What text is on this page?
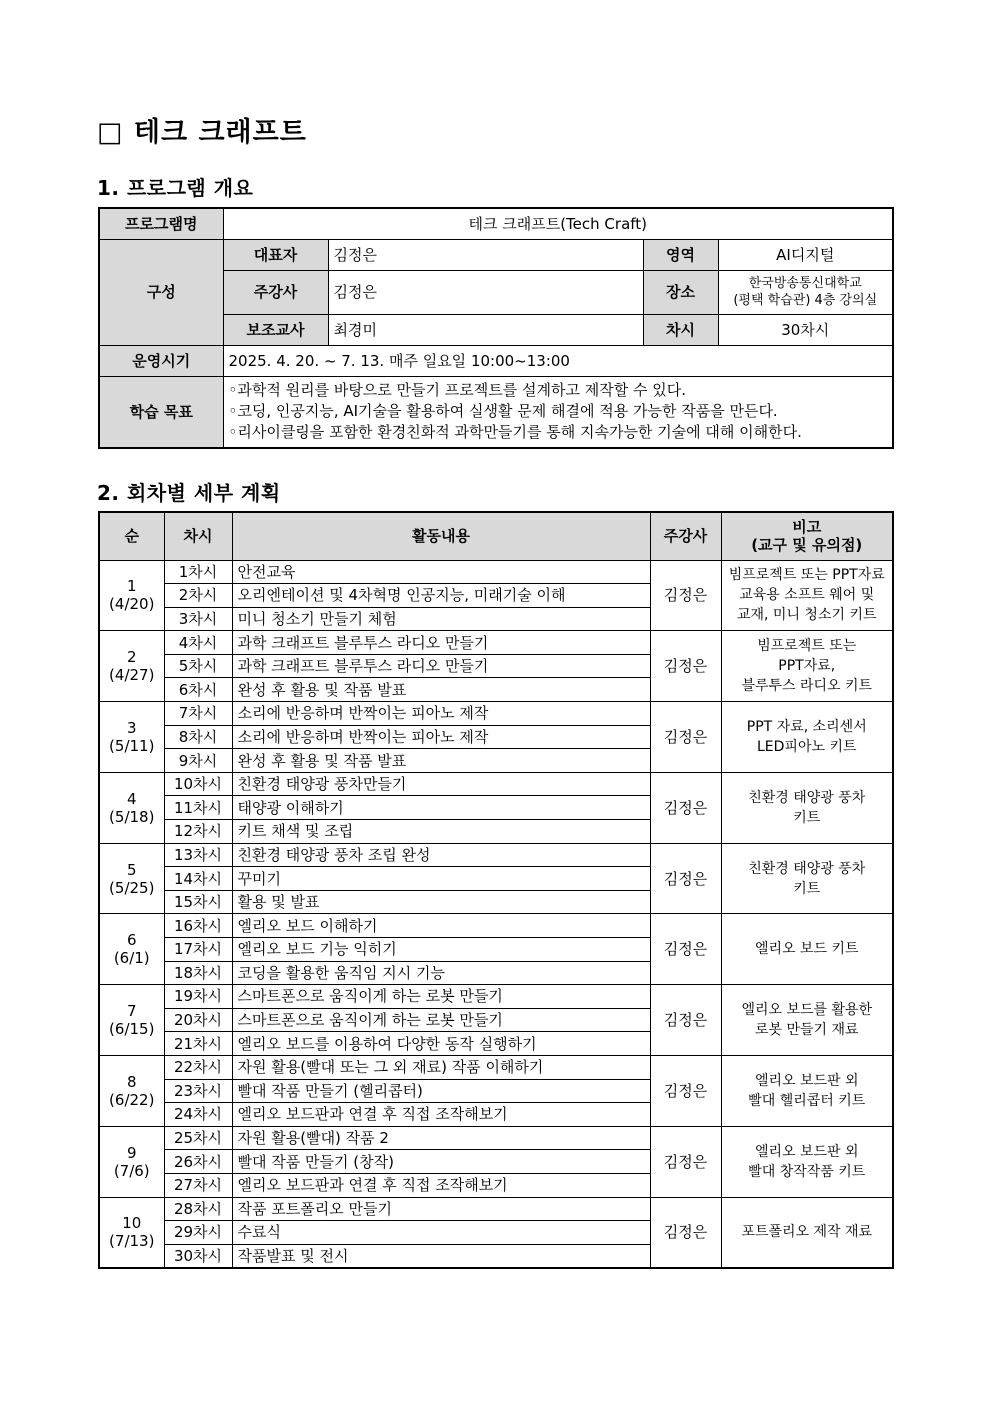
□ 테크 크래프트
1. 프로그램 개요
프로그램명	테크 크래프트(Tech Craft)			
구성	대표자	김정은	영역	AI디지털
	주강사	김정은	장소	한국방송통신대학교
(평택 학습관) 4층 강의실

	보조교사	최경미	차시	30차시
운영시기	2025. 4. 20. ~ 7. 13. 매주 일요일 10:00~13:00			
학습 목표	◦과학적 원리를 바탕으로 만들기 프로젝트를 설계하고 제작할 수 있다.
◦코딩, 인공지능, AI기술을 활용하여 실생활 문제 해결에 적용 가능한 작품을 만든다.
◦리사이클링을 포함한 환경친화적 과학만들기를 통해 지속가능한 기술에 대해 이해한다.			
2. 회차별 세부 계획
순	차시	활동내용	주강사	비고
(교구 및 유의점)

1
(4/20)	1차시	안전교육	김정은	빔프로젝트 또는 PPT자료
교육용 소프트 웨어 및
교재, 미니 청소기 키트

	2차시	오리엔테이션 및 4차혁명 인공지능, 미래기술 이해		
	3차시	미니 청소기 만들기 체험		

2
(4/27)	4차시	과학 크래프트 블루투스 라디오 만들기	김정은	빔프로젝트 또는
PPT자료,
블루투스 라디오 키트

	5차시	과학 크래프트 블루투스 라디오 만들기		
	6차시	완성 후 활용 및 작품 발표		

3
(5/11)	7차시	소리에 반응하며 반짝이는 피아노 제작	김정은	PPT 자료, 소리센서
LED피아노 키트

	8차시	소리에 반응하며 반짝이는 피아노 제작		
	9차시	완성 후 활용 및 작품 발표		

4
(5/18)	10차시	친환경 태양광 풍차만들기	김정은	친환경 태양광 풍차
키트

	11차시	태양광 이해하기		
	12차시	키트 채색 및 조립		

5
(5/25)	13차시	친환경 태양광 풍차 조립 완성	김정은	친환경 태양광 풍차
키트

	14차시	꾸미기		
	15차시	활용 및 발표		

6
(6/1)	16차시	엘리오 보드 이해하기	김정은	엘리오 보드 키트

	17차시	엘리오 보드 기능 익히기		
	18차시	코딩을 활용한 움직임 지시 기능		

7
(6/15)	19차시	스마트폰으로 움직이게 하는 로봇 만들기	김정은	엘리오 보드를 활용한
로봇 만들기 재료

	20차시	스마트폰으로 움직이게 하는 로봇 만들기		
	21차시	엘리오 보드를 이용하여 다양한 동작 실행하기		

8
(6/22)	22차시	자원 활용(빨대 또는 그 외 재료) 작품 이해하기	김정은	엘리오 보드판 외
빨대 헬리콥터 키트

	23차시	빨대 작품 만들기 (헬리콥터)		
	24차시	엘리오 보드판과 연결 후 직접 조작해보기		

9
(7/6)	25차시	자원 활용(빨대) 작품 2	김정은	엘리오 보드판 외
빨대 창작작품 키트

	26차시	빨대 작품 만들기 (창작)		
	27차시	엘리오 보드판과 연결 후 직접 조작해보기		

10
(7/13)	28차시	작품 포트폴리오 만들기	김정은	포트폴리오 제작 재료

	29차시	수료식		
	30차시	작품발표 및 전시		
